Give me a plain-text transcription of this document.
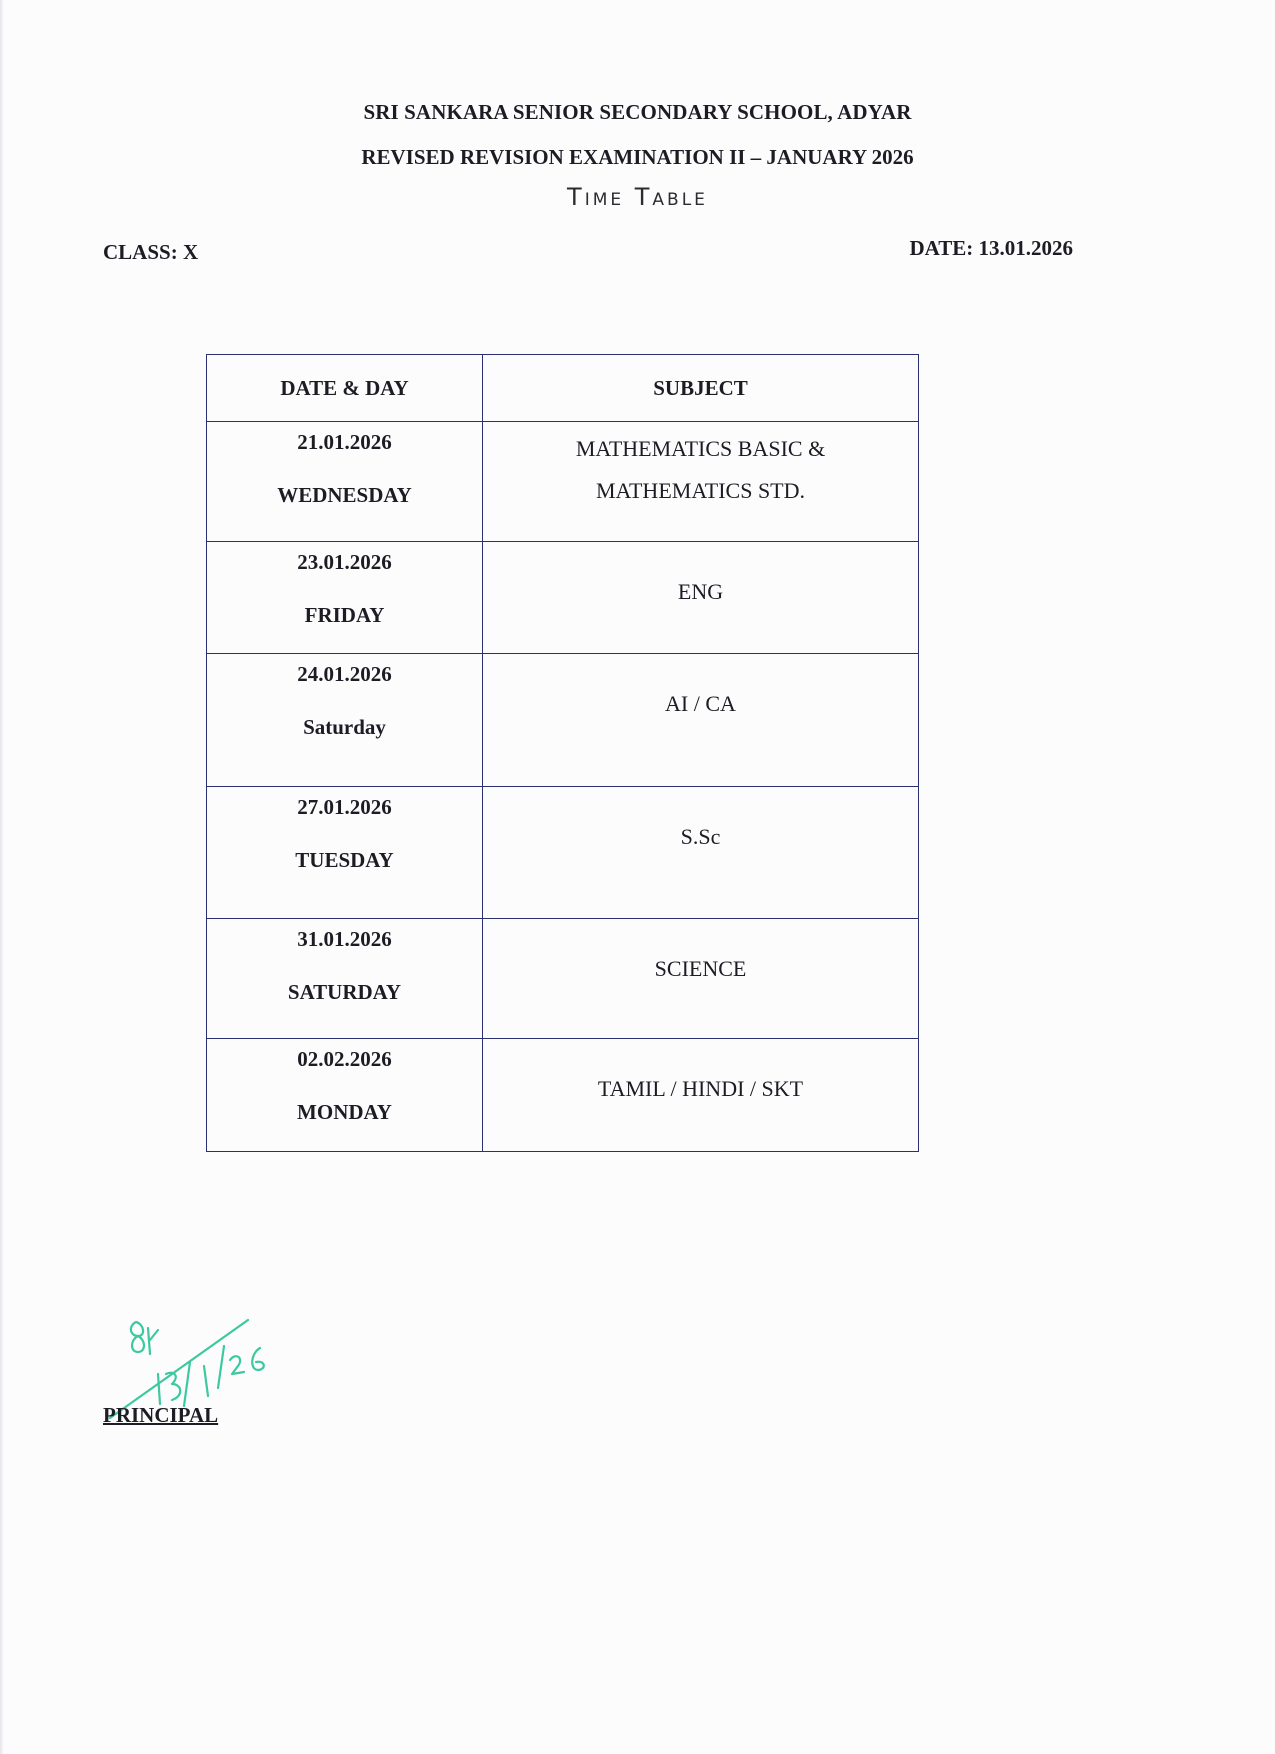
SRI SANKARA SENIOR SECONDARY SCHOOL, ADYAR
REVISED REVISION EXAMINATION II – JANUARY 2026
Time Table
CLASS: X	DATE: 13.01.2026
DATE & DAY	SUBJECT

21.01.2026
WEDNESDAY	MATHEMATICS BASIC &
MATHEMATICS STD.

23.01.2026
FRIDAY	ENG

24.01.2026
Saturday	AI / CA

27.01.2026
TUESDAY	S.Sc

31.01.2026
SATURDAY	SCIENCE

02.02.2026
MONDAY	TAMIL / HINDI / SKT
PRINCIPAL
